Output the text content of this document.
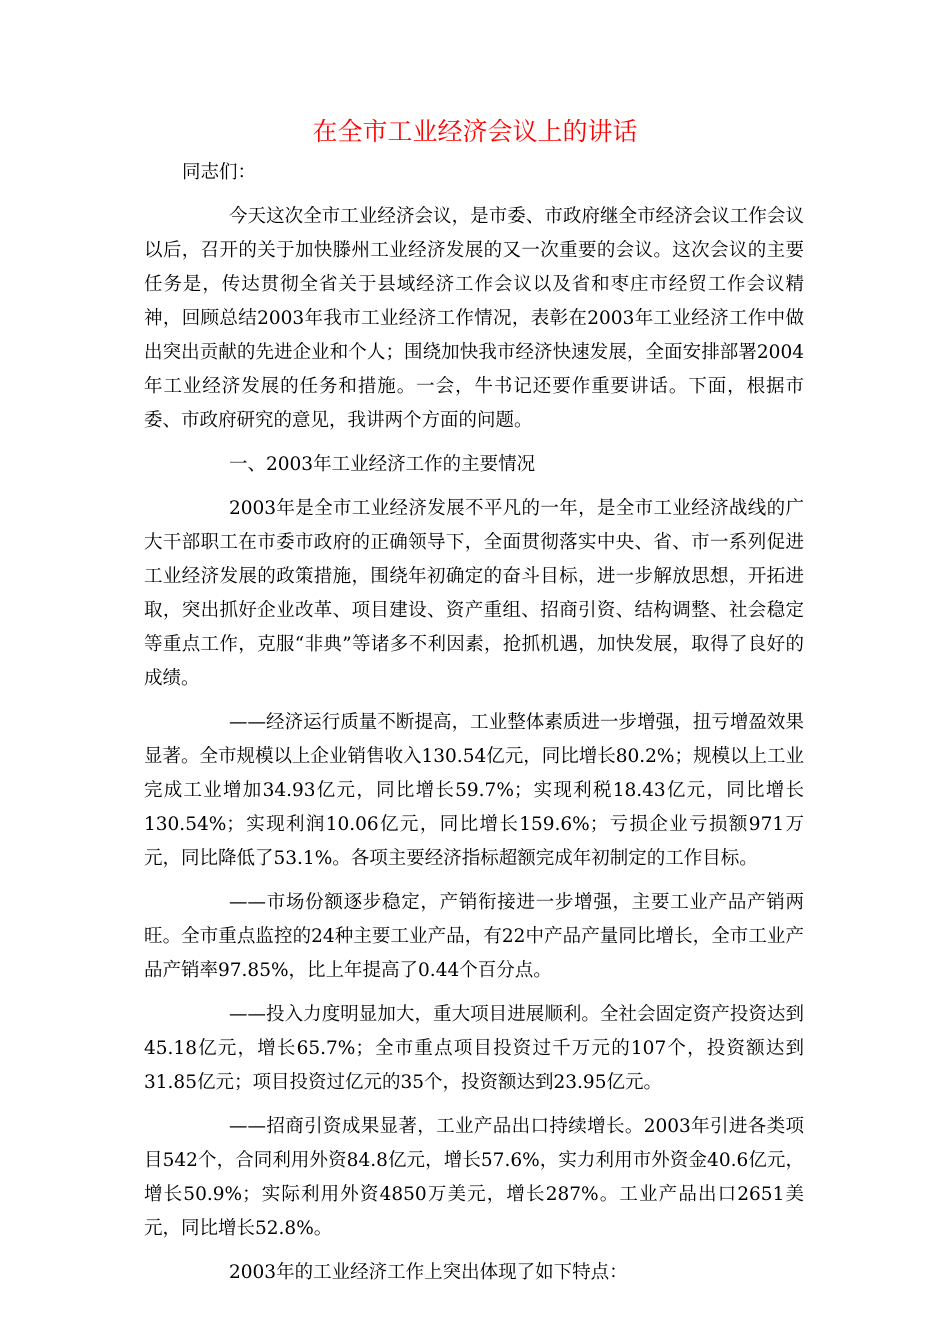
在全市工业经济会议上的讲话

同志们：

今天这次全市工业经济会议，是市委、市政府继全市经济会议工作会议以后，召开的关于加快滕州工业经济发展的又一次重要的会议。这次会议的主要任务是，传达贯彻全省关于县域经济工作会议以及省和枣庄市经贸工作会议精神，回顾总结2003年我市工业经济工作情况，表彰在2003年工业经济工作中做出突出贡献的先进企业和个人；围绕加快我市经济快速发展，全面安排部署2004年工业经济发展的任务和措施。一会，牛书记还要作重要讲话。下面，根据市委、市政府研究的意见，我讲两个方面的问题。

一、2003年工业经济工作的主要情况

2003年是全市工业经济发展不平凡的一年，是全市工业经济战线的广大干部职工在市委市政府的正确领导下，全面贯彻落实中央、省、市一系列促进工业经济发展的政策措施，围绕年初确定的奋斗目标，进一步解放思想，开拓进取，突出抓好企业改革、项目建设、资产重组、招商引资、结构调整、社会稳定等重点工作，克服“非典”等诸多不利因素，抢抓机遇，加快发展，取得了良好的成绩。

——经济运行质量不断提高，工业整体素质进一步增强，扭亏增盈效果显著。全市规模以上企业销售收入130.54亿元，同比增长80.2%；规模以上工业完成工业增加34.93亿元，同比增长59.7%；实现利税18.43亿元，同比增长130.54%；实现利润10.06亿元，同比增长159.6%；亏损企业亏损额971万元，同比降低了53.1%。各项主要经济指标超额完成年初制定的工作目标。

——市场份额逐步稳定，产销衔接进一步增强，主要工业产品产销两旺。全市重点监控的24种主要工业产品，有22中产品产量同比增长，全市工业产品产销率97.85%，比上年提高了0.44个百分点。

——投入力度明显加大，重大项目进展顺利。全社会固定资产投资达到45.18亿元，增长65.7%；全市重点项目投资过千万元的107个，投资额达到31.85亿元；项目投资过亿元的35个，投资额达到23.95亿元。

——招商引资成果显著，工业产品出口持续增长。2003年引进各类项目542个，合同利用外资84.8亿元，增长57.6%，实力利用市外资金40.6亿元，增长50.9%；实际利用外资4850万美元，增长287%。工业产品出口2651美元，同比增长52.8%。

2003年的工业经济工作上突出体现了如下特点：
